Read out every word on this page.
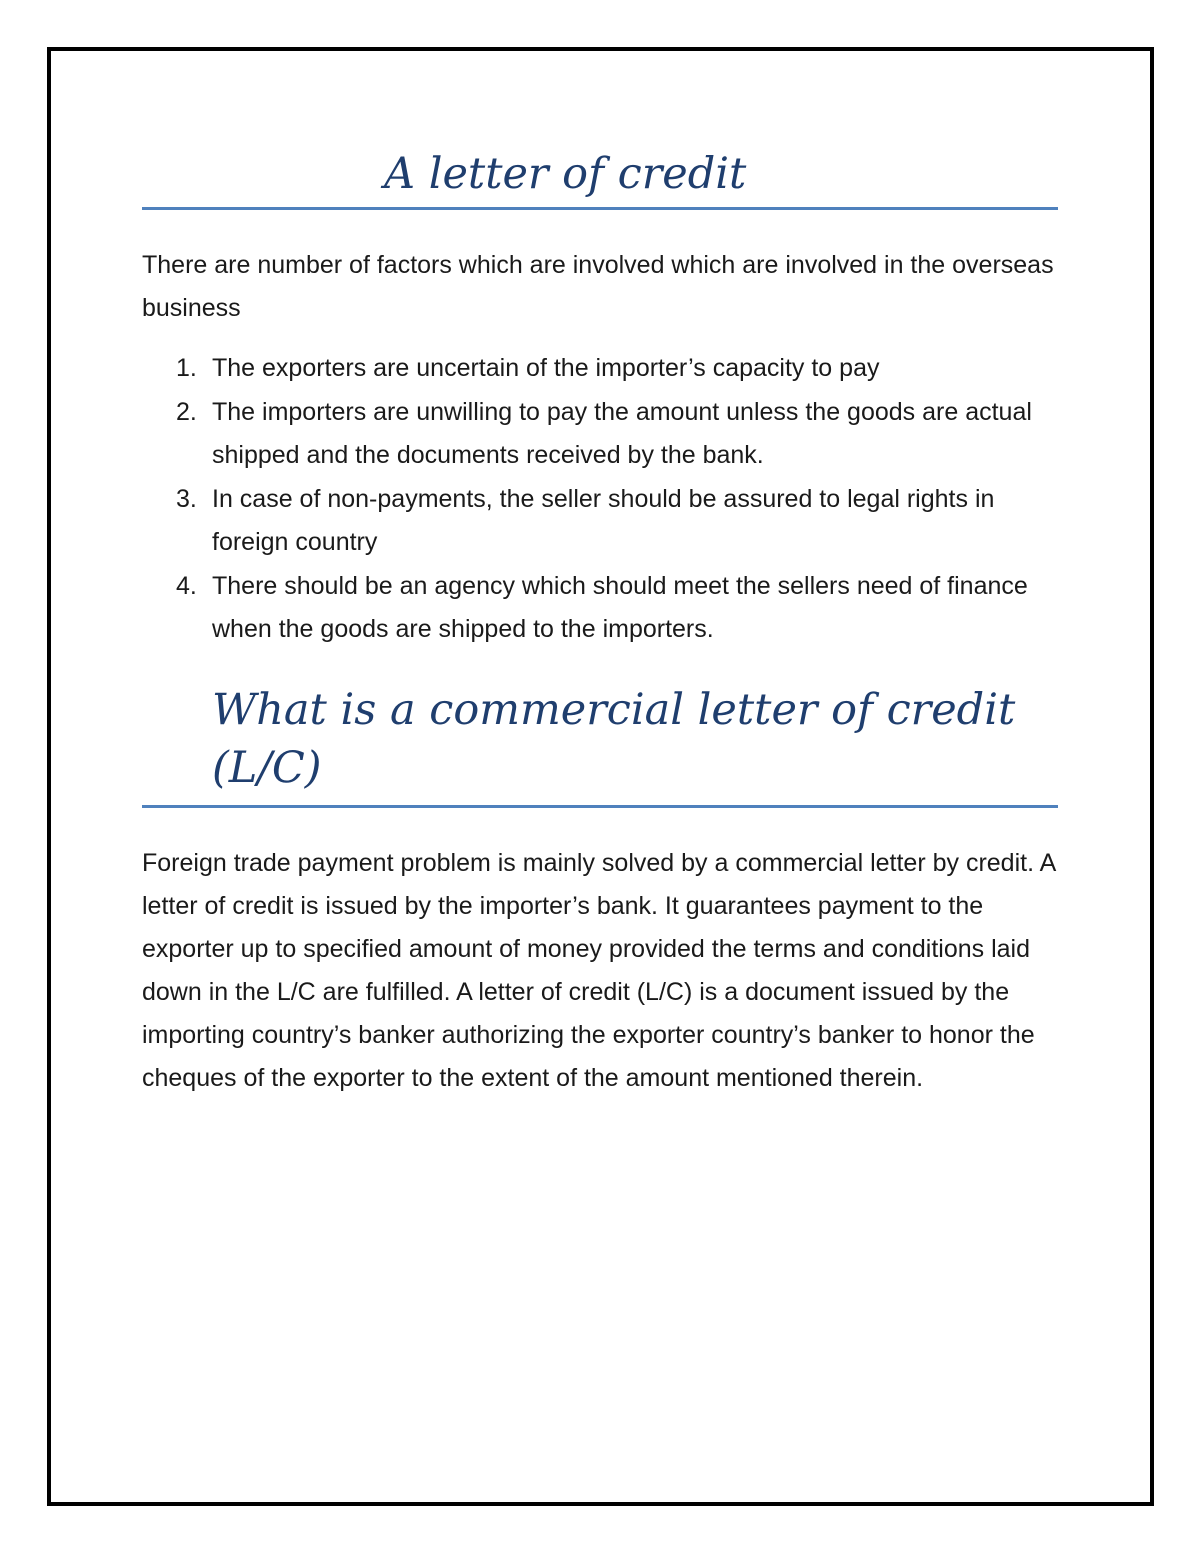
A letter of credit

There are number of factors which are involved which are involved in the overseas business

1. The exporters are uncertain of the importer’s capacity to pay
2. The importers are unwilling to pay the amount unless the goods are actual shipped and the documents received by the bank.
3. In case of non-payments, the seller should be assured to legal rights in foreign country
4. There should be an agency which should meet the sellers need of finance when the goods are shipped to the importers.
What is a commercial letter of credit (L/C)

Foreign trade payment problem is mainly solved by a commercial letter by credit. A letter of credit is issued by the importer’s bank. It guarantees payment to the exporter up to specified amount of money provided the terms and conditions laid down in the L/C are fulfilled. A letter of credit (L/C) is a document issued by the importing country’s banker authorizing the exporter country’s banker to honor the cheques of the exporter to the extent of the amount mentioned therein.
